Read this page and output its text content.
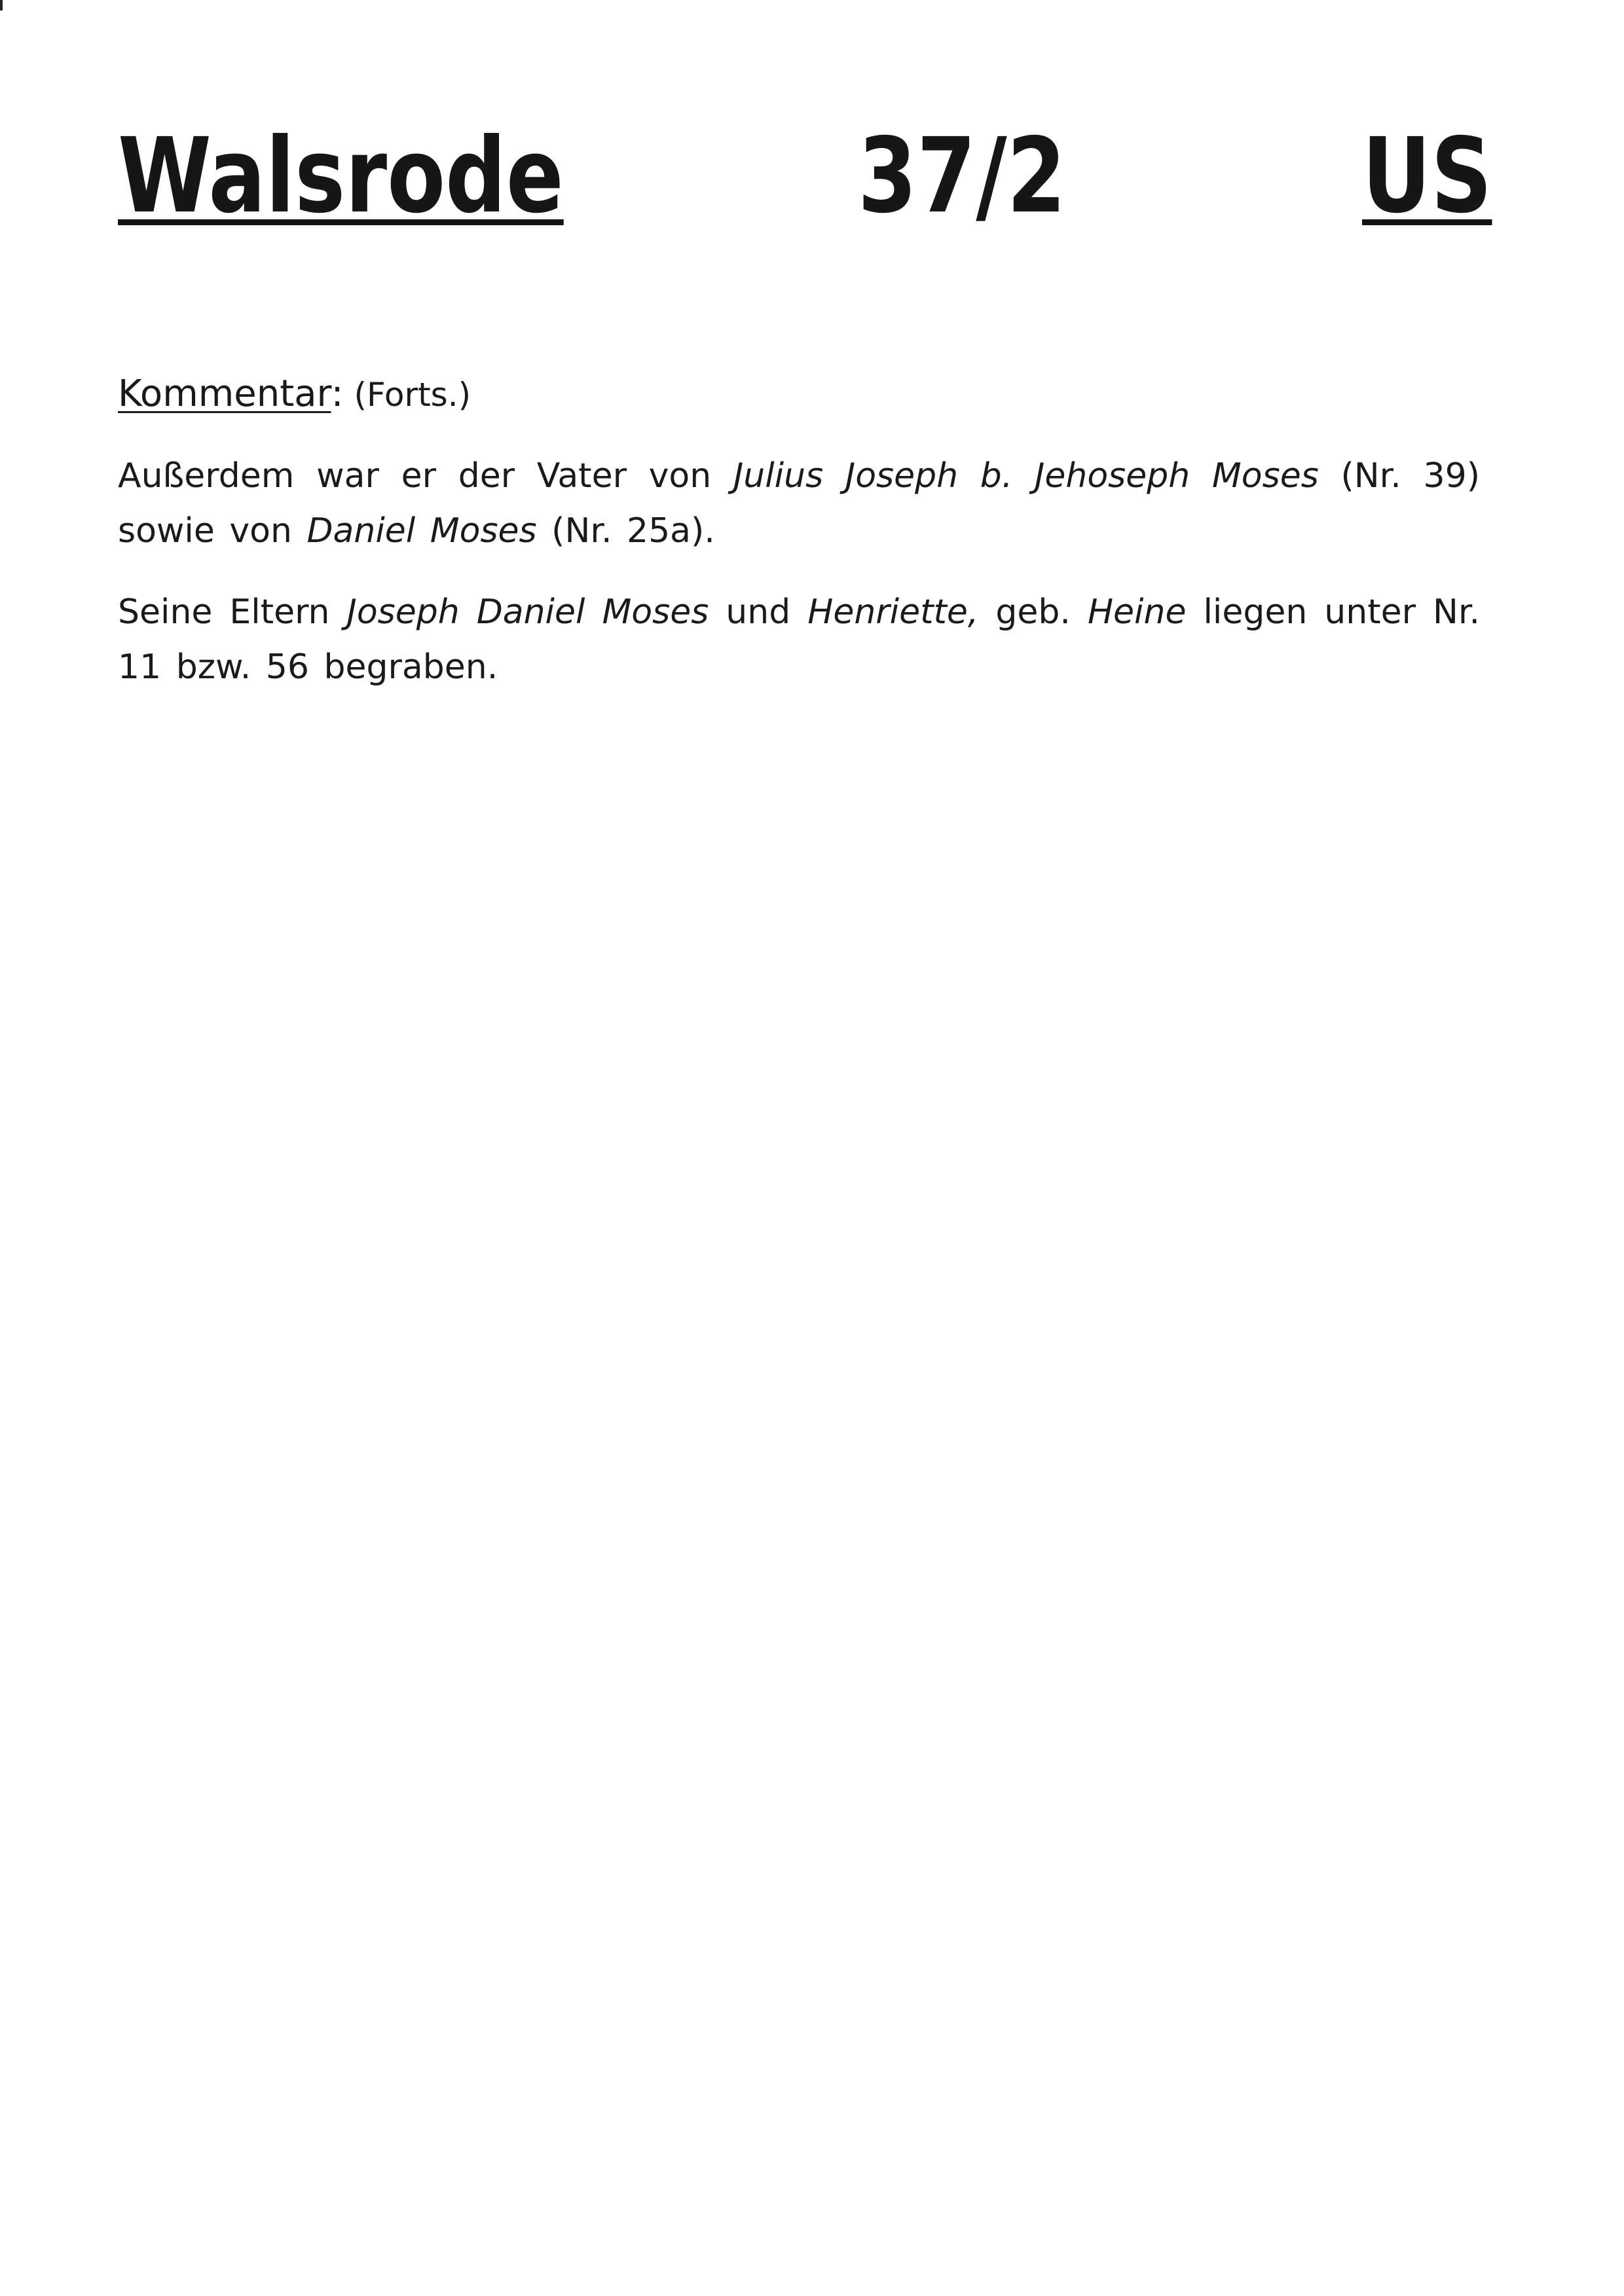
Walsrode	37/2	US

Kommentar: (Forts.)

Außerdem war er der Vater von Julius Joseph b. Jehoseph Moses (Nr. 39) sowie von Daniel Moses (Nr. 25a).

Seine Eltern Joseph Daniel Moses und Henriette, geb. Heine liegen unter Nr. 11 bzw. 56 begraben.
